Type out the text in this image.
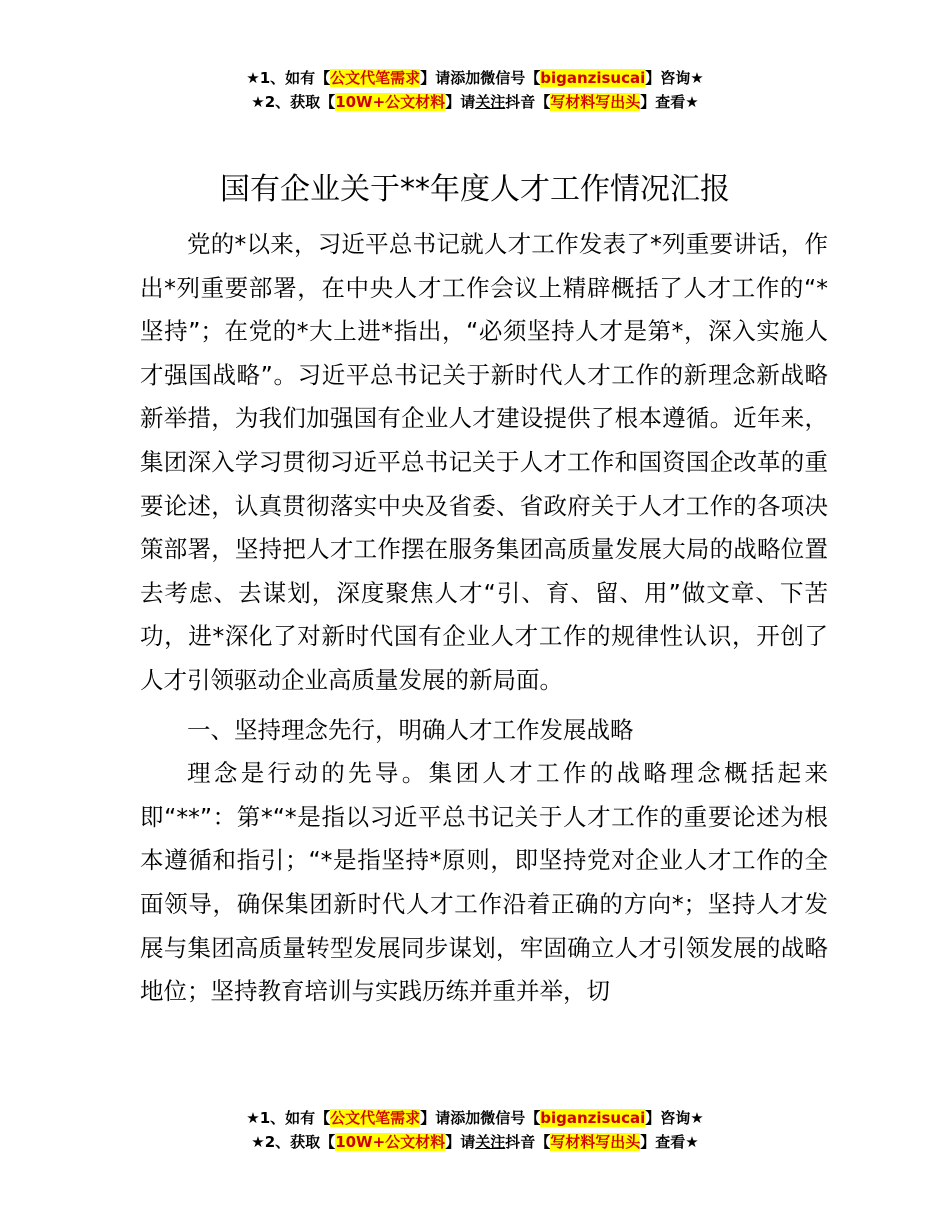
★1、如有【公文代笔需求】请添加微信号【biganzisucai】咨询★
★2、获取【10W+公文材料】请关注抖音【写材料写出头】查看★
国有企业关于**年度人才工作情况汇报

党的*以来，习近平总书记就人才工作发表了*列重要讲话，作出*列重要部署，在中央人才工作会议上精辟概括了人才工作的“*坚持”；在党的*大上进*指出，“必须坚持人才是第*，深入实施人才强国战略”。习近平总书记关于新时代人才工作的新理念新战略新举措，为我们加强国有企业人才建设提供了根本遵循。近年来，集团深入学习贯彻习近平总书记关于人才工作和国资国企改革的重要论述，认真贯彻落实中央及省委、省政府关于人才工作的各项决策部署，坚持把人才工作摆在服务集团高质量发展大局的战略位置去考虑、去谋划，深度聚焦人才“引、育、留、用”做文章、下苦功，进*深化了对新时代国有企业人才工作的规律性认识，开创了人才引领驱动企业高质量发展的新局面。

一、坚持理念先行，明确人才工作发展战略

理念是行动的先导。集团人才工作的战略理念概括起来即“**”：第*“*是指以习近平总书记关于人才工作的重要论述为根本遵循和指引；“*是指坚持*原则，即坚持党对企业人才工作的全面领导，确保集团新时代人才工作沿着正确的方向*；坚持人才发展与集团高质量转型发展同步谋划，牢固确立人才引领发展的战略地位；坚持教育培训与实践历练并重并举，切

★1、如有【公文代笔需求】请添加微信号【biganzisucai】咨询★
★2、获取【10W+公文材料】请关注抖音【写材料写出头】查看★
